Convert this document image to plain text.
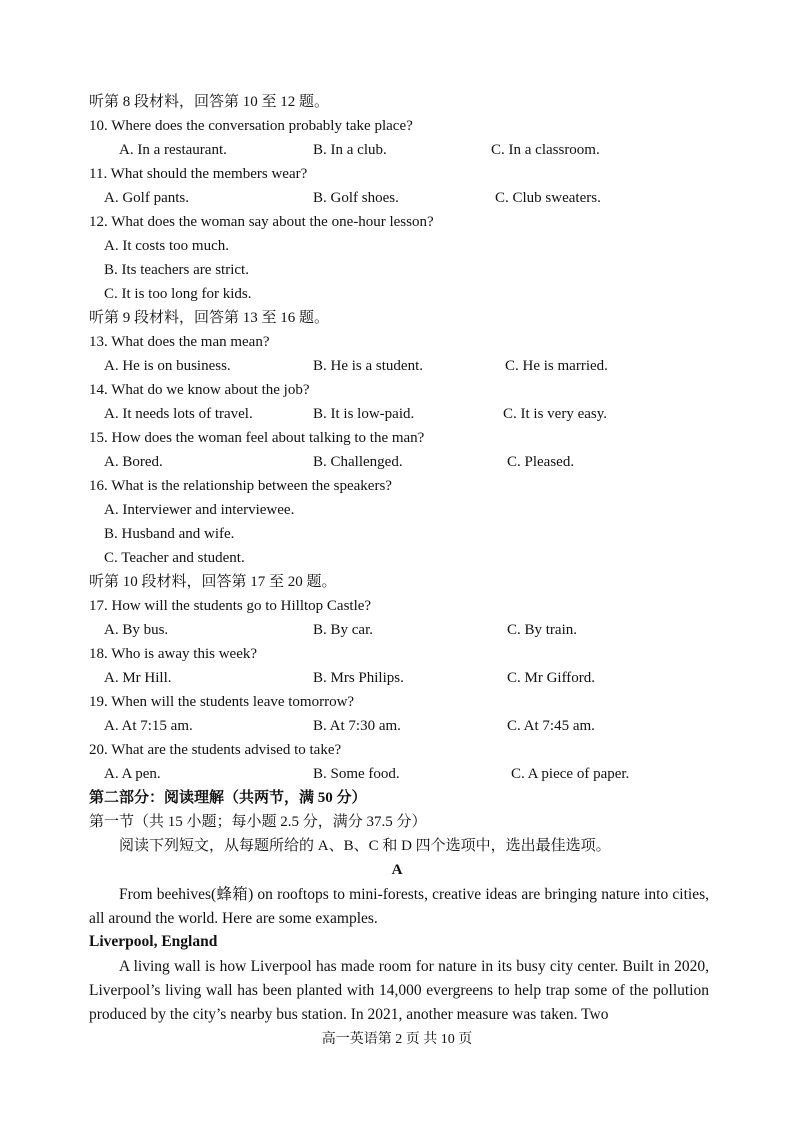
听第 8 段材料，回答第 10 至 12 题。
10. Where does the conversation probably take place?
A. In a restaurant.	B. In a club.	C. In a classroom.
11. What should the members wear?
A. Golf pants.	B. Golf shoes.	C. Club sweaters.
12. What does the woman say about the one-hour lesson?
A. It costs too much.
B. Its teachers are strict.
C. It is too long for kids.
听第 9 段材料，回答第 13 至 16 题。
13. What does the man mean?
A. He is on business.	B. He is a student.	C. He is married.
14. What do we know about the job?
A. It needs lots of travel.	B. It is low-paid.	C. It is very easy.
15. How does the woman feel about talking to the man?
A. Bored.	B. Challenged.	C. Pleased.
16. What is the relationship between the speakers?
A. Interviewer and interviewee.
B. Husband and wife.
C. Teacher and student.
听第 10 段材料，回答第 17 至 20 题。
17. How will the students go to Hilltop Castle?
A. By bus.	B. By car.	C. By train.
18. Who is away this week?
A. Mr Hill.	B. Mrs Philips.	C. Mr Gifford.
19. When will the students leave tomorrow?
A. At 7:15 am.	B. At 7:30 am.	C. At 7:45 am.
20. What are the students advised to take?
A. A pen.	B. Some food.	C. A piece of paper.
第二部分：阅读理解（共两节，满 50 分）
第一节（共 15 小题；每小题 2.5 分，满分 37.5 分）
阅读下列短文，从每题所给的 A、B、C 和 D 四个选项中，选出最佳选项。
A
From beehives(蜂箱) on rooftops to mini-forests, creative ideas are bringing nature into cities, all around the world. Here are some examples.
Liverpool, England
A living wall is how Liverpool has made room for nature in its busy city center. Built in 2020, Liverpool’s living wall has been planted with 14,000 evergreens to help trap some of the pollution produced by the city’s nearby bus station. In 2021, another measure was taken. Two
高一英语第 2 页 共 10 页
